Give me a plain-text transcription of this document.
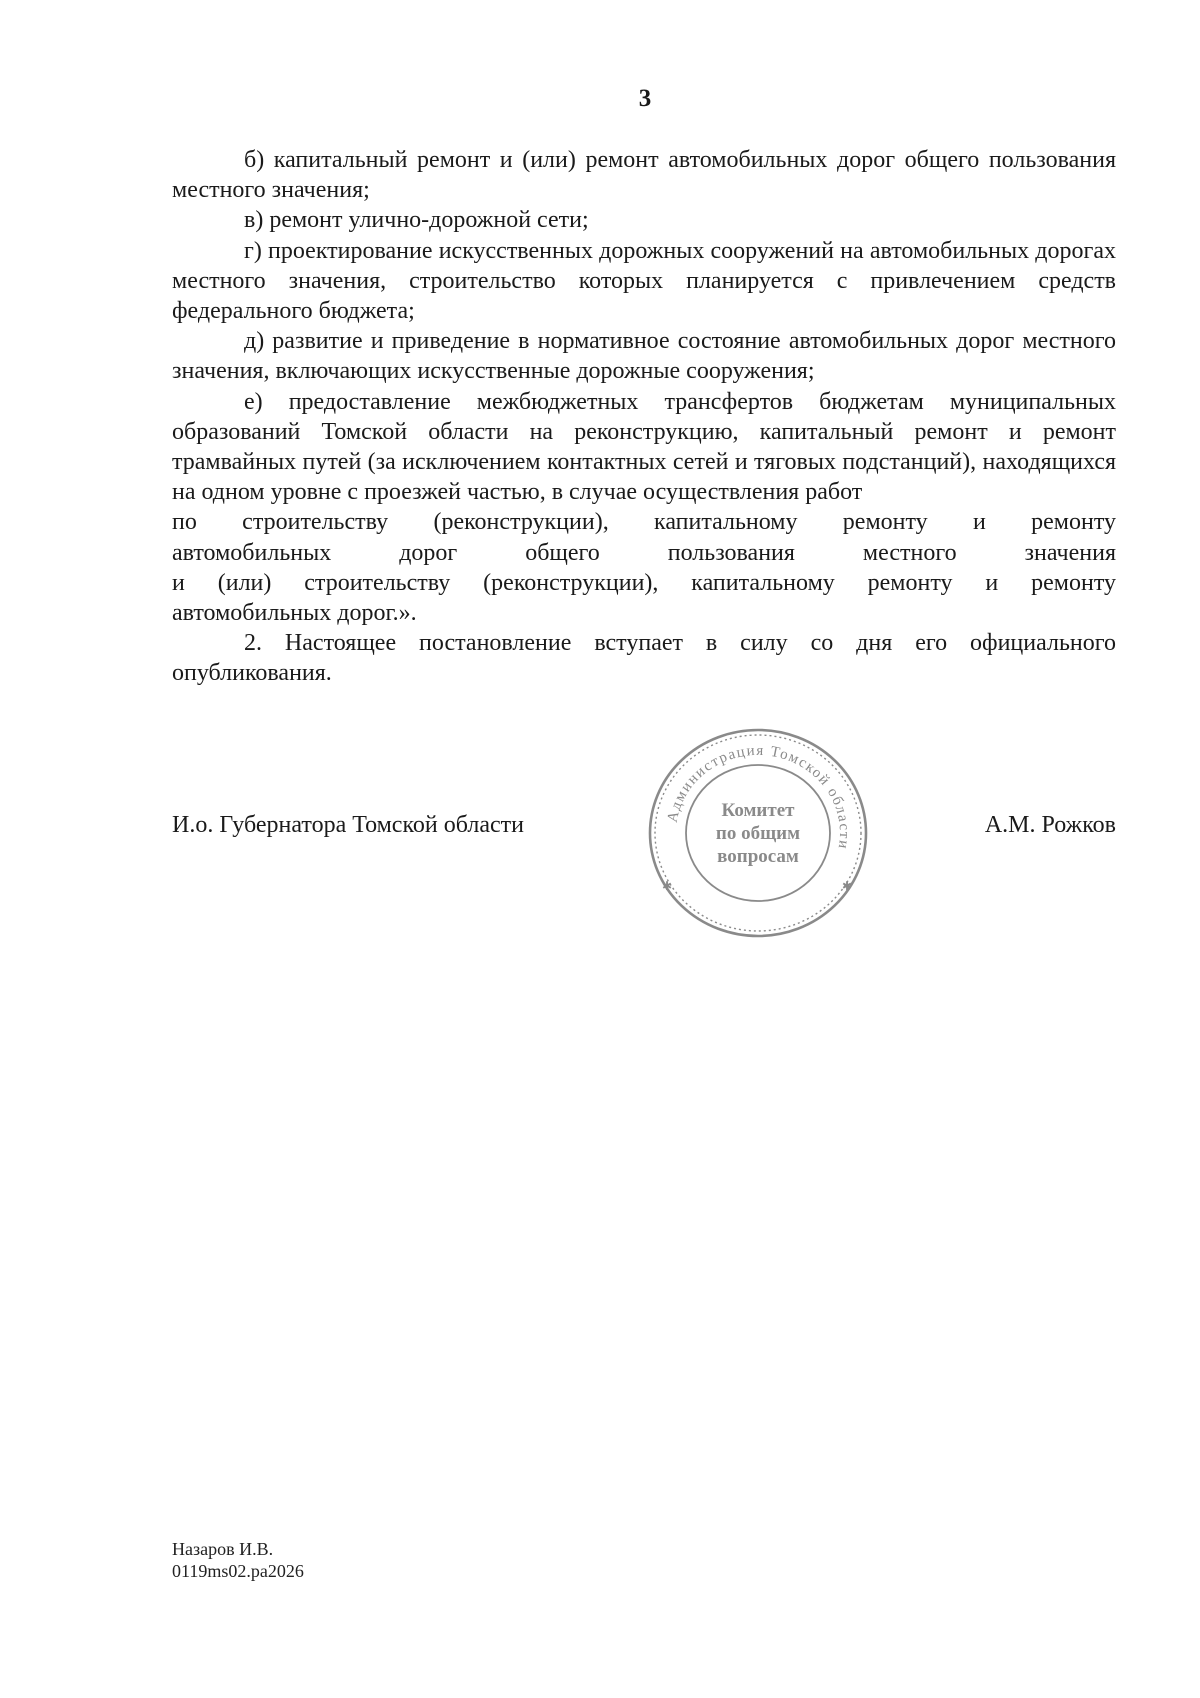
3

б) капитальный ремонт и (или) ремонт автомобильных дорог общего пользования местного значения;

в) ремонт улично-дорожной сети;

г) проектирование искусственных дорожных сооружений на автомобильных дорогах местного значения, строительство которых планируется с привлечением средств федерального бюджета;

д) развитие и приведение в нормативное состояние автомобильных дорог местного значения, включающих искусственные дорожные сооружения;

е) предоставление межбюджетных трансфертов бюджетам муниципальных образований Томской области на реконструкцию, капитальный ремонт и ремонт трамвайных путей (за исключением контактных сетей и тяговых подстанций), находящихся на одном уровне с проезжей частью, в случае осуществления работ
по строительству (реконструкции), капитальному ремонту и ремонту
автомобильных дорог общего пользования местного значения
и (или) строительству (реконструкции), капитальному ремонту и ремонту
автомобильных дорог.».

2. Настоящее постановление вступает в силу со дня его официального опубликования.

И.о. Губернатора Томской области	А.М. Рожков
Администрация Томской области
✱	✱
Комитет
по общим
вопросам
Назаров И.В.
0119ms02.pa2026
